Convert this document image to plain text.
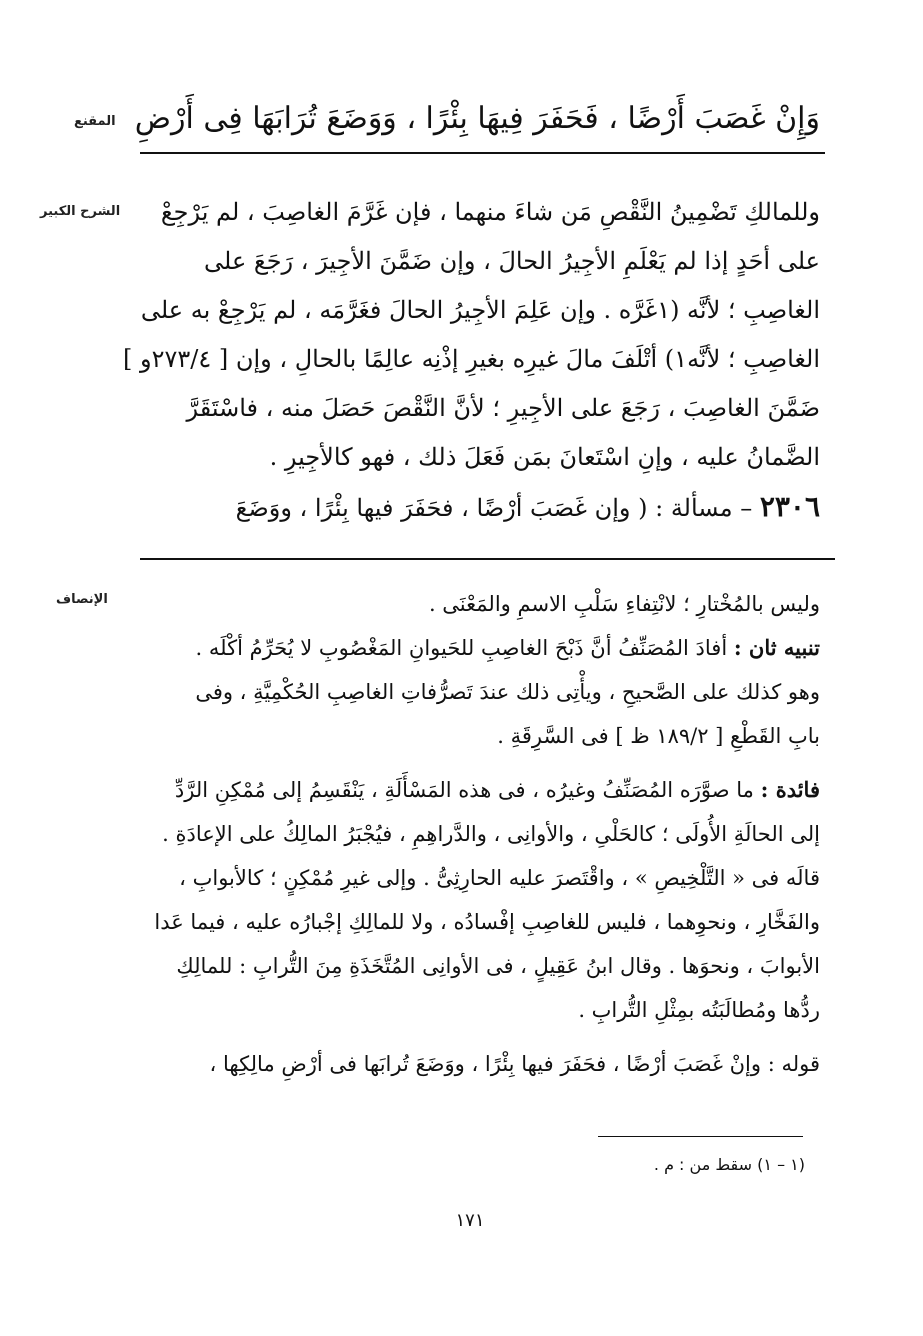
المقنع وَإِنْ غَصَبَ أَرْضًا ، فَحَفَرَ فِيهَا بِئْرًا ، وَوَضَعَ تُرَابَهَا فِى أَرْضِ
الشرح الكبير	وللمالكِ تَضْمِينُ النَّقْصِ مَن شاءَ منهما ، فإن غَرَّمَ الغاصِبَ ، لم يَرْجِعْ
على أحَدٍ إذا لم يَعْلَمِ الأجِيرُ الحالَ ، وإن ضَمَّنَ الأجِيرَ ، رَجَعَ على
الغاصِبِ ؛ لأنَّه (١غَرَّه . وإن عَلِمَ الأجِيرُ الحالَ فغَرَّمَه ، لم يَرْجِعْ به على
الغاصِبِ ؛ لأنَّه١) أتْلَفَ مالَ غيرِه بغيرِ إذْنِه عالِمًا بالحالِ ، وإن [ ٢٧٣/٤و ]
ضَمَّنَ الغاصِبَ ، رَجَعَ على الأجِيرِ ؛ لأنَّ النَّقْصَ حَصَلَ منه ، فاسْتَقَرَّ
الضَّمانُ عليه ، وإنِ اسْتَعانَ بمَن فَعَلَ ذلك ، فهو كالأجِيرِ .
٢٣٠٦ – مسألة : ( وإن غَصَبَ أرْضًا ، فحَفَرَ فيها بِئْرًا ، ووَضَعَ
الإنصاف	وليس بالمُخْتارِ ؛ لانْتِفاءِ سَلْبِ الاسمِ والمَعْنَى .
تنبيه ثان : أفادَ المُصَنِّفُ أنَّ ذَبْحَ الغاصِبِ للحَيوانِ المَغْصُوبِ لا يُحَرِّمُ أكْلَه .
وهو كذلك على الصَّحيحِ ، ويأْتِى ذلك عندَ تَصرُّفاتِ الغاصِبِ الحُكْمِيَّةِ ، وفى
بابِ القَطْعِ [ ١٨٩/٢ ظ ] فى السَّرِقَةِ .
فائدة : ما صوَّرَه المُصَنِّفُ وغيرُه ، فى هذه المَسْأَلَةِ ، يَنْقَسِمُ إلى مُمْكِنِ الرَّدِّ
إلى الحالَةِ الأُولَى ؛ كالحَلْىِ ، والأوانِى ، والدَّراهِمِ ، فيُجْبَرُ المالِكُ على الإعادَةِ .
قالَه فى « التَّلْخِيصِ » ، واقْتَصرَ عليه الحارِثِىُّ . وإلى غيرِ مُمْكِنٍ ؛ كالأبوابِ ،
والفَخَّارِ ، ونحوِهما ، فليس للغاصِبِ إفْسادُه ، ولا للمالِكِ إجْبارُه عليه ، فيما عَدا
الأبوابَ ، ونحوَها . وقال ابنُ عَقِيلٍ ، فى الأوانِى المُتَّخَذَةِ مِنَ التُّرابِ : للمالِكِ
ردُّها ومُطالَبَتُه بمِثْلِ التُّرابِ .
قوله : وإنْ غَصَبَ أرْضًا ، فحَفَرَ فيها بِئْرًا ، ووَضَعَ تُرابَها فى أرْضِ مالِكِها ،
(١ – ١) سقط من : م .
١٧١
